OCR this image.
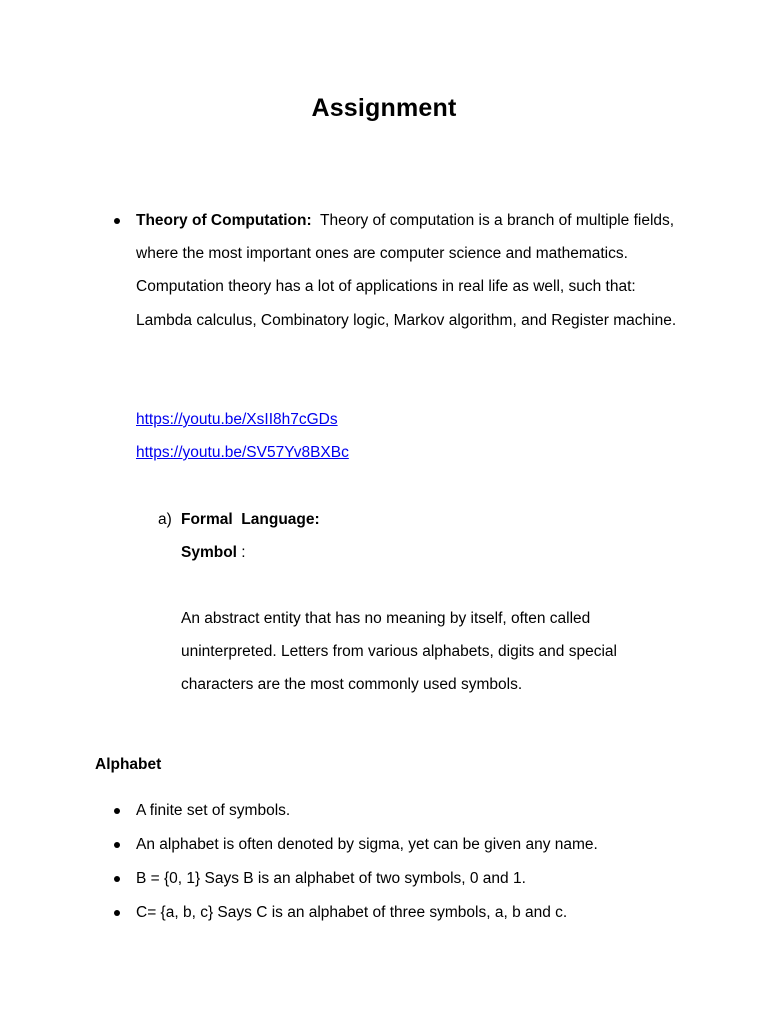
Assignment
Theory of Computation: Theory of computation is a branch of multiple fields, where the most important ones are computer science and mathematics. Computation theory has a lot of applications in real life as well, such that: Lambda calculus, Combinatory logic, Markov algorithm, and Register machine.
https://youtu.be/XsII8h7cGDs
https://youtu.be/SV57Yv8BXBc
a) Formal  Language:
Symbol :
An abstract entity that has no meaning by itself, often called uninterpreted. Letters from various alphabets, digits and special characters are the most commonly used symbols.
Alphabet
A finite set of symbols.
An alphabet is often denoted by sigma, yet can be given any name.
B = {0, 1} Says B is an alphabet of two symbols, 0 and 1.
C= {a, b, c} Says C is an alphabet of three symbols, a, b and c.
